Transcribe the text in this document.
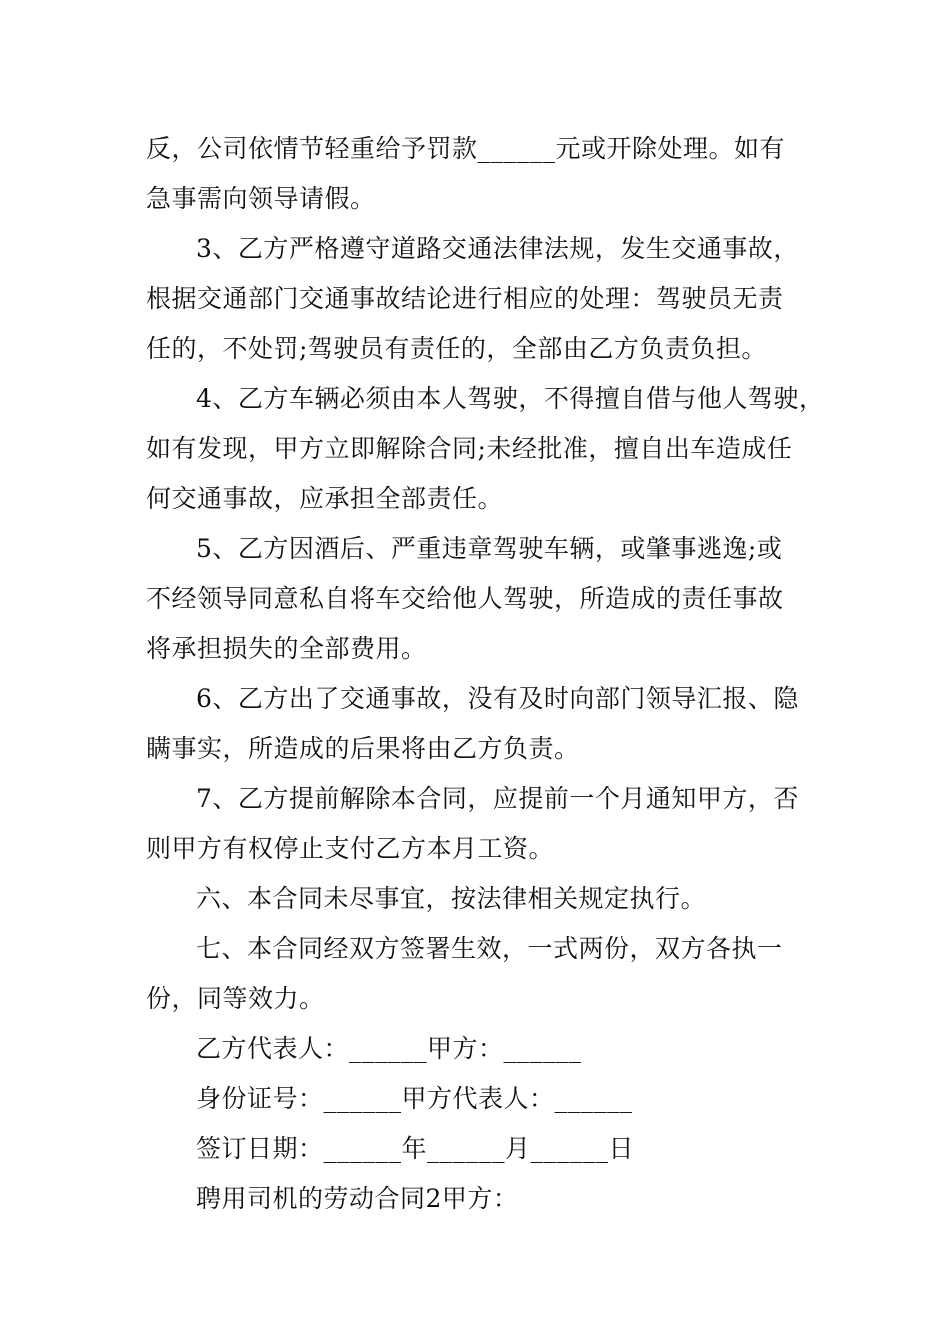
反，公司依情节轻重给予罚款______元或开除处理。如有
急事需向领导请假。
3、乙方严格遵守道路交通法律法规，发生交通事故，
根据交通部门交通事故结论进行相应的处理：驾驶员无责
任的，不处罚;驾驶员有责任的，全部由乙方负责负担。
4、乙方车辆必须由本人驾驶，不得擅自借与他人驾驶，
如有发现，甲方立即解除合同;未经批准，擅自出车造成任
何交通事故，应承担全部责任。
5、乙方因酒后、严重违章驾驶车辆，或肇事逃逸;或
不经领导同意私自将车交给他人驾驶，所造成的责任事故
将承担损失的全部费用。
6、乙方出了交通事故，没有及时向部门领导汇报、隐
瞒事实，所造成的后果将由乙方负责。
7、乙方提前解除本合同，应提前一个月通知甲方，否
则甲方有权停止支付乙方本月工资。
六、本合同未尽事宜，按法律相关规定执行。
七、本合同经双方签署生效，一式两份，双方各执一
份，同等效力。
乙方代表人：______甲方：______
身份证号：______甲方代表人：______
签订日期：______年______月______日
聘用司机的劳动合同2甲方：
